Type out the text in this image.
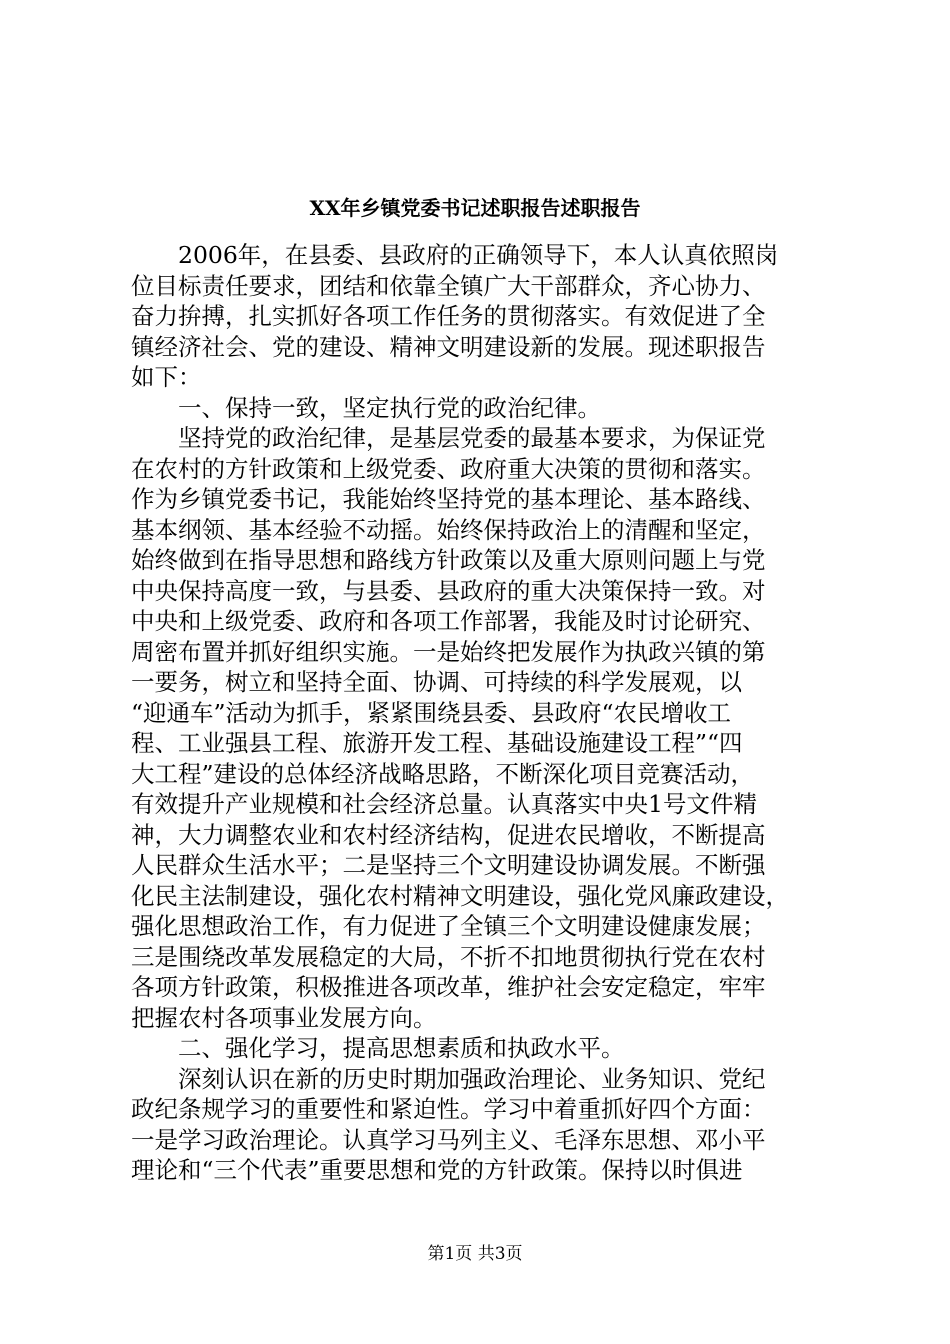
XX年乡镇党委书记述职报告述职报告
　　2006年，在县委、县政府的正确领导下，本人认真依照岗
位目标责任要求，团结和依靠全镇广大干部群众，齐心协力、
奋力拚搏，扎实抓好各项工作任务的贯彻落实。有效促进了全
镇经济社会、党的建设、精神文明建设新的发展。现述职报告
如下：
　　一、保持一致，坚定执行党的政治纪律。
　　坚持党的政治纪律，是基层党委的最基本要求，为保证党
在农村的方针政策和上级党委、政府重大决策的贯彻和落实。
作为乡镇党委书记，我能始终坚持党的基本理论、基本路线、
基本纲领、基本经验不动摇。始终保持政治上的清醒和坚定，
始终做到在指导思想和路线方针政策以及重大原则问题上与党
中央保持高度一致，与县委、县政府的重大决策保持一致。对
中央和上级党委、政府和各项工作部署，我能及时讨论研究、
周密布置并抓好组织实施。一是始终把发展作为执政兴镇的第
一要务，树立和坚持全面、协调、可持续的科学发展观，以
“迎通车”活动为抓手，紧紧围绕县委、县政府“农民增收工
程、工业强县工程、旅游开发工程、基础设施建设工程”“四
大工程”建设的总体经济战略思路，不断深化项目竞赛活动，
有效提升产业规模和社会经济总量。认真落实中央1号文件精
神，大力调整农业和农村经济结构，促进农民增收，不断提高
人民群众生活水平；二是坚持三个文明建设协调发展。不断强
化民主法制建设，强化农村精神文明建设，强化党风廉政建设，
强化思想政治工作，有力促进了全镇三个文明建设健康发展；
三是围绕改革发展稳定的大局，不折不扣地贯彻执行党在农村
各项方针政策，积极推进各项改革，维护社会安定稳定，牢牢
把握农村各项事业发展方向。
　　二、强化学习，提高思想素质和执政水平。
　　深刻认识在新的历史时期加强政治理论、业务知识、党纪
政纪条规学习的重要性和紧迫性。学习中着重抓好四个方面：
一是学习政治理论。认真学习马列主义、毛泽东思想、邓小平
理论和“三个代表”重要思想和党的方针政策。保持以时俱进
第1页 共3页
